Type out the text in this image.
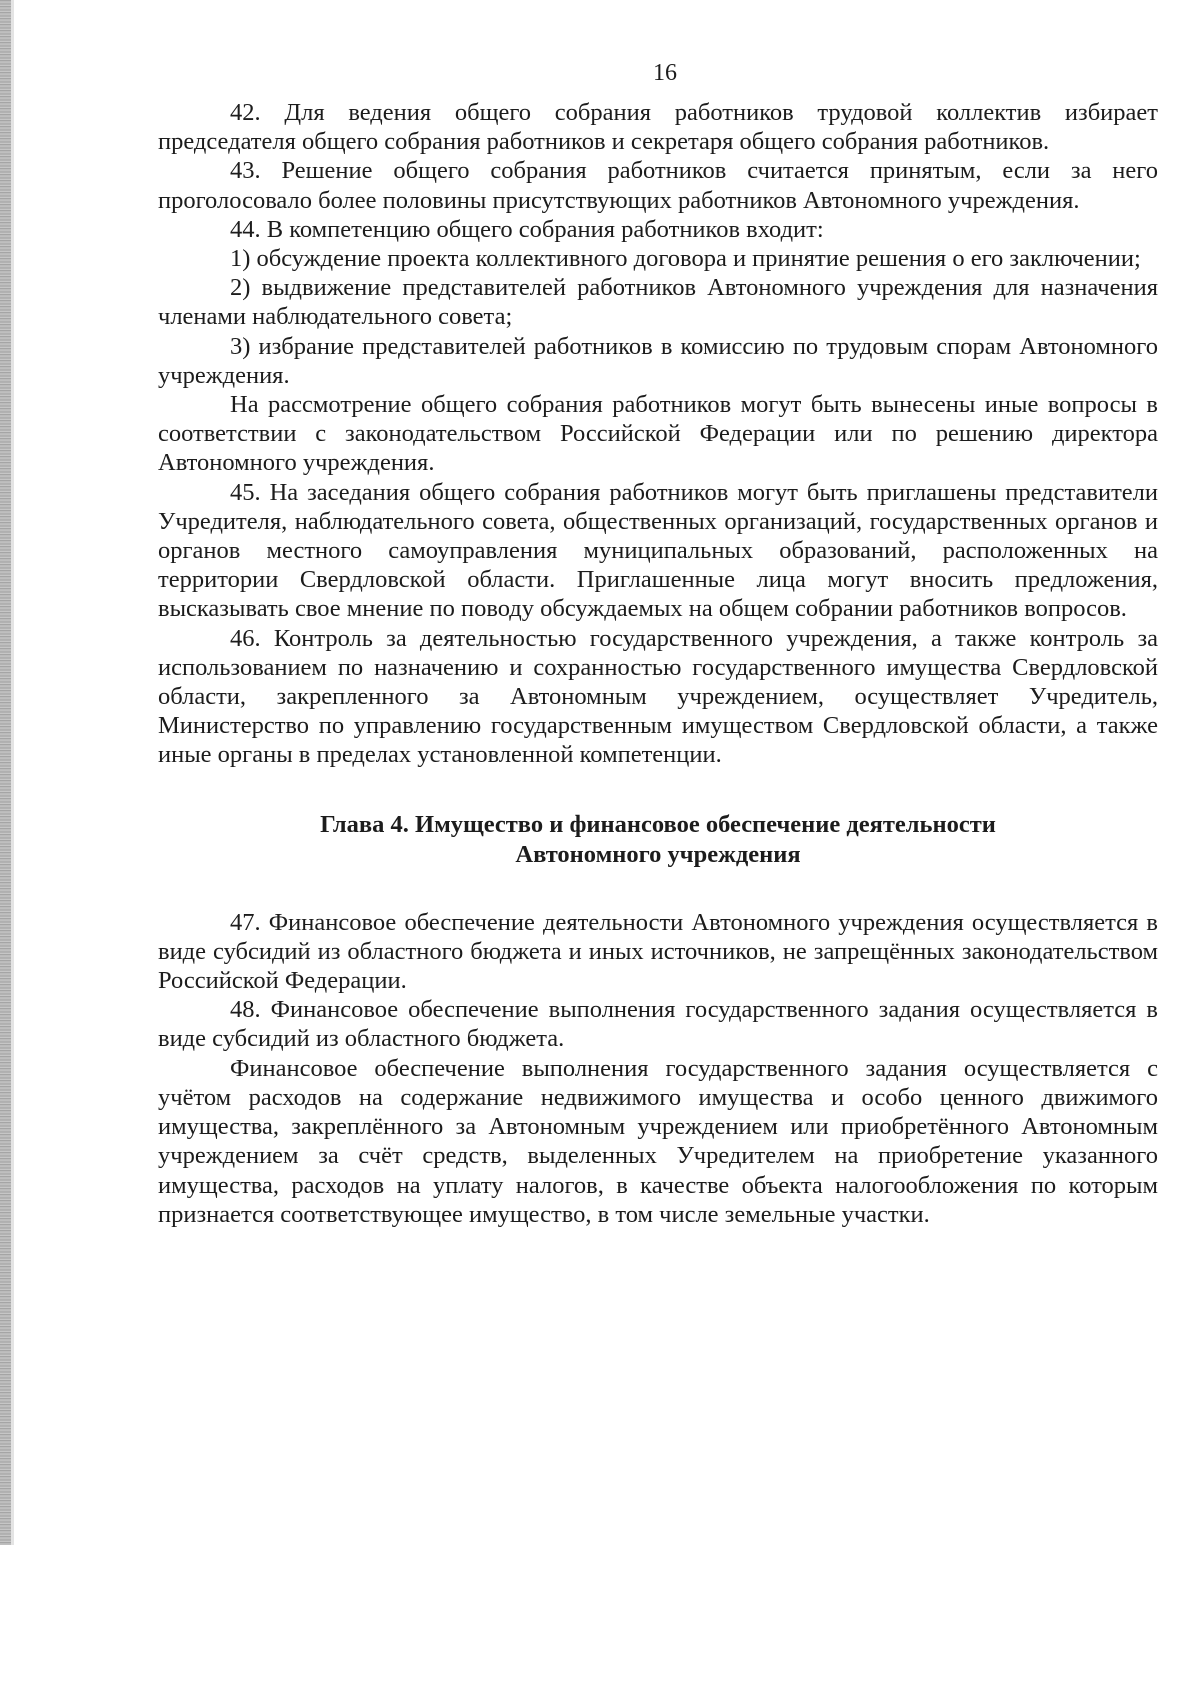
16

42. Для ведения общего собрания работников трудовой коллектив избирает председателя общего собрания работников и секретаря общего собрания работников.

43. Решение общего собрания работников считается принятым, если за него проголосовало более половины присутствующих работников Автономного учреждения.

44. В компетенцию общего собрания работников входит:

1) обсуждение проекта коллективного договора и принятие решения о его заключении;

2) выдвижение представителей работников Автономного учреждения для назначения членами наблюдательного совета;

3) избрание представителей работников в комиссию по трудовым спорам Автономного учреждения.

На рассмотрение общего собрания работников могут быть вынесены иные вопросы в соответствии с законодательством Российской Федерации или по решению директора Автономного учреждения.

45. На заседания общего собрания работников могут быть приглашены представители Учредителя, наблюдательного совета, общественных организаций, государственных органов и органов местного самоуправления муниципальных образований, расположенных на территории Свердловской области. Приглашенные лица могут вносить предложения, высказывать свое мнение по поводу обсуждаемых на общем собрании работников вопросов.

46. Контроль за деятельностью государственного учреждения, а также контроль за использованием по назначению и сохранностью государственного имущества Свердловской области, закрепленного за Автономным учреждением, осуществляет Учредитель, Министерство по управлению государственным имуществом Свердловской области, а также иные органы в пределах установленной компетенции.

Глава 4. Имущество и финансовое обеспечение деятельности
Автономного учреждения

47. Финансовое обеспечение деятельности Автономного учреждения осуществляется в виде субсидий из областного бюджета и иных источников, не запрещённых законодательством Российской Федерации.

48. Финансовое обеспечение выполнения государственного задания осуществляется в виде субсидий из областного бюджета.

Финансовое обеспечение выполнения государственного задания осуществляется с учётом расходов на содержание недвижимого имущества и особо ценного движимого имущества, закреплённого за Автономным учреждением или приобретённого Автономным учреждением за счёт средств, выделенных Учредителем на приобретение указанного имущества, расходов на уплату налогов, в качестве объекта налогообложения по которым признается соответствующее имущество, в том числе земельные участки.
